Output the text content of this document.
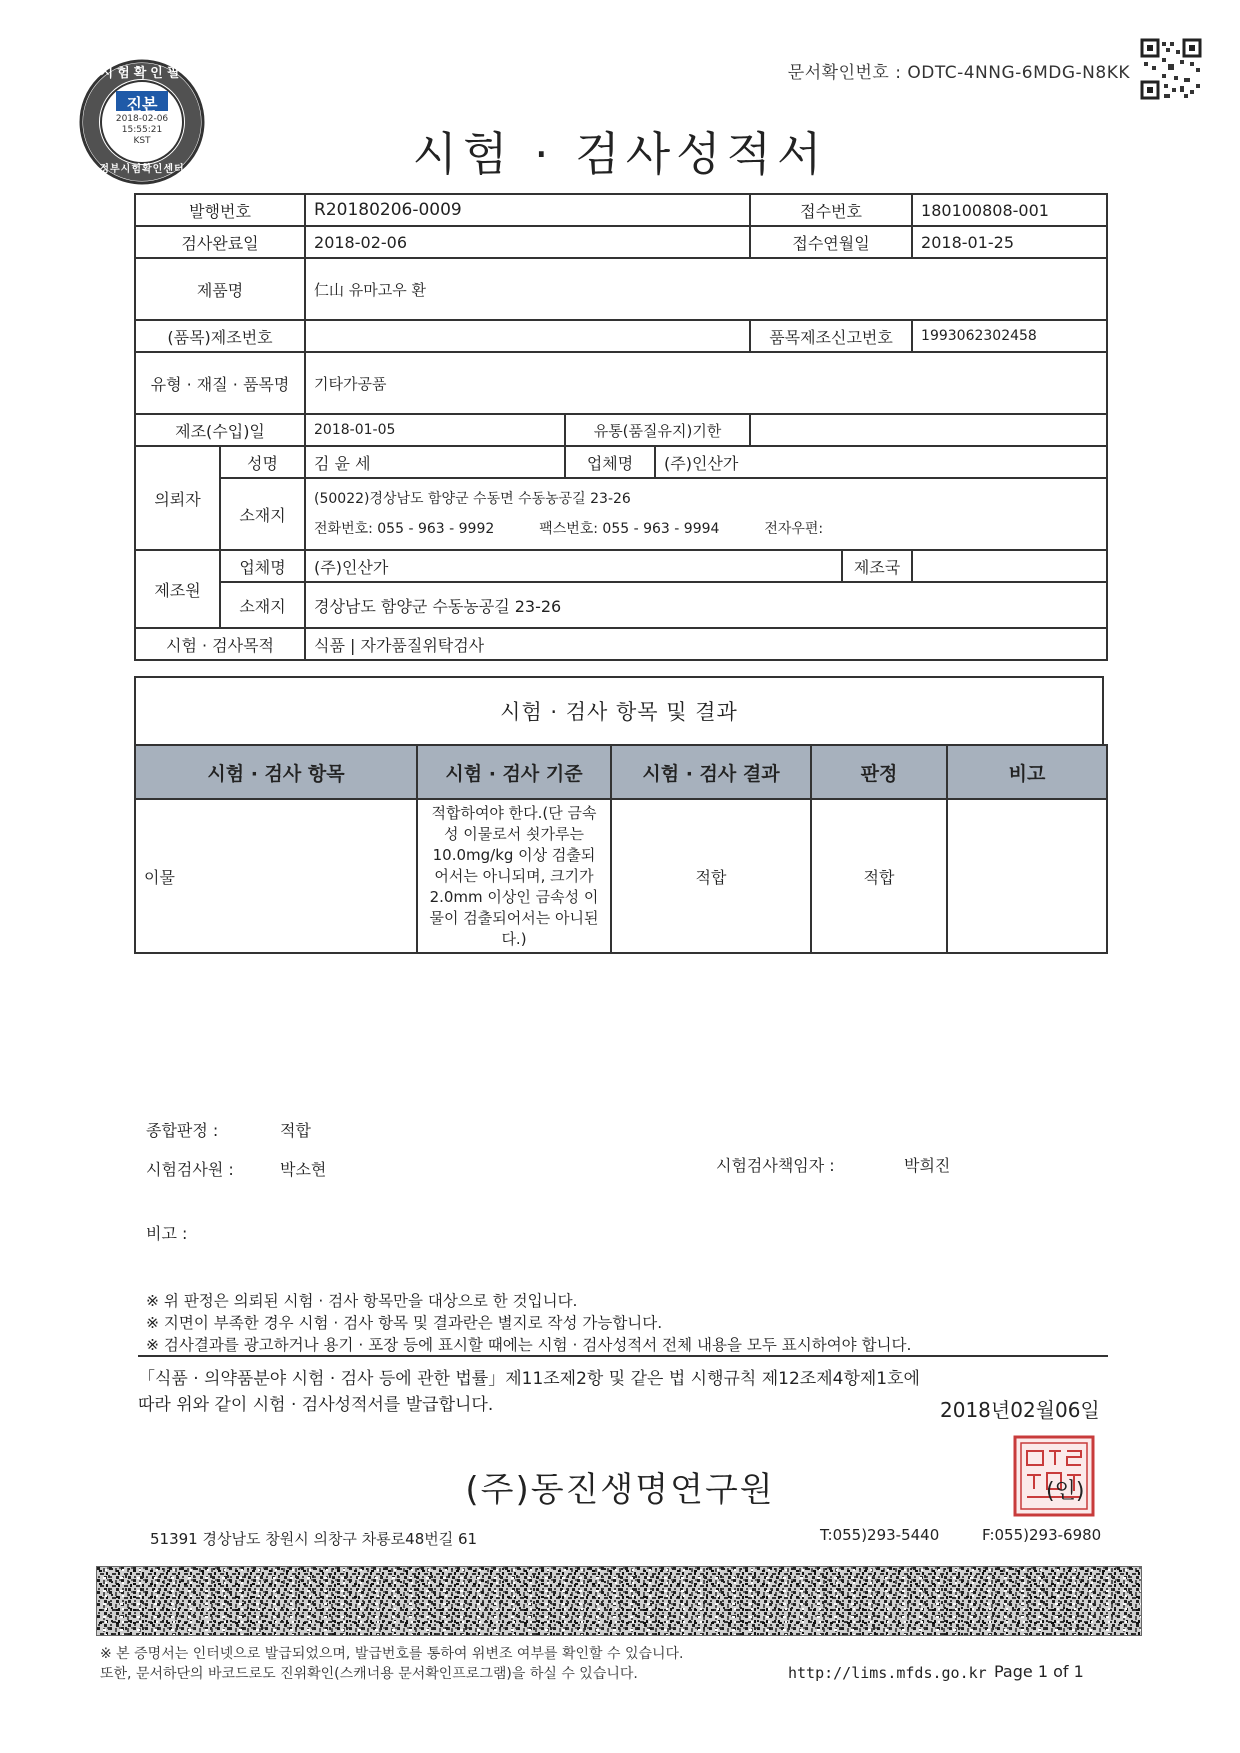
문서확인번호 : ODTC-4NNG-6MDG-N8KK
시험확인필
진본
2018-02-06
15:55:21
KST
정부시험확인센터	시험 · 검사성적서
발행번호		R20180206-0009			접수번호		180100808-001
검사완료일		2018-02-06			접수연월일		2018-01-25
제품명		仁山 유마고우 환					
(품목)제조번호					품목제조신고번호		1993062302458
유형 · 재질 · 품목명		기타가공품					
제조(수입)일		2018-01-05	유통(품질유지)기한				
의뢰자	성명	김 윤 세	업체명	(주)인산가			
	소재지	(50022)경상남도 함양군 수동면 수동농공길 23-26
전화번호: 055 - 963 - 9992 팩스번호: 055 - 963 - 9994 전자우편:					

제조원	업체명	(주)인산가				제조국	
	소재지	경상남도 함양군 수동농공길 23-26					
시험 · 검사목적		식품 | 자가품질위탁검사					
시험 · 검사 항목 및 결과
시험 · 검사 항목	시험 · 검사 기준	시험 · 검사 결과	판정	비고
이물	적합하여야 한다.(단 금속성 이물로서 쇳가루는 10.0mg/kg 이상 검출되어서는 아니되며, 크기가 2.0mm 이상인 금속성 이물이 검출되어서는 아니된다.)	적합	적합	
종합판정 :	적합
시험검사원 :	박소현	시험검사책임자 :	박희진
비고 :
※ 위 판정은 의뢰된 시험 · 검사 항목만을 대상으로 한 것입니다.
※ 지면이 부족한 경우 시험 · 검사 항목 및 결과란은 별지로 작성 가능합니다.
※ 검사결과를 광고하거나 용기 · 포장 등에 표시할 때에는 시험 · 검사성적서 전체 내용을 모두 표시하여야 합니다.
「식품 · 의약품분야 시험 · 검사 등에 관한 법률」제11조제2항 및 같은 법 시행규칙 제12조제4항제1호에
따라 위와 같이 시험 · 검사성적서를 발급합니다.	2018년02월06일
(주)동진생명연구원	(인)
51391 경상남도 창원시 의창구 차룡로48번길 61	T:055)293-5440	F:055)293-6980
※ 본 증명서는 인터넷으로 발급되었으며, 발급번호를 통하여 위변조 여부를 확인할 수 있습니다.
또한, 문서하단의 바코드로도 진위확인(스캐너용 문서확인프로그램)을 하실 수 있습니다.	http://lims.mfds.go.kr Page 1 of 1
